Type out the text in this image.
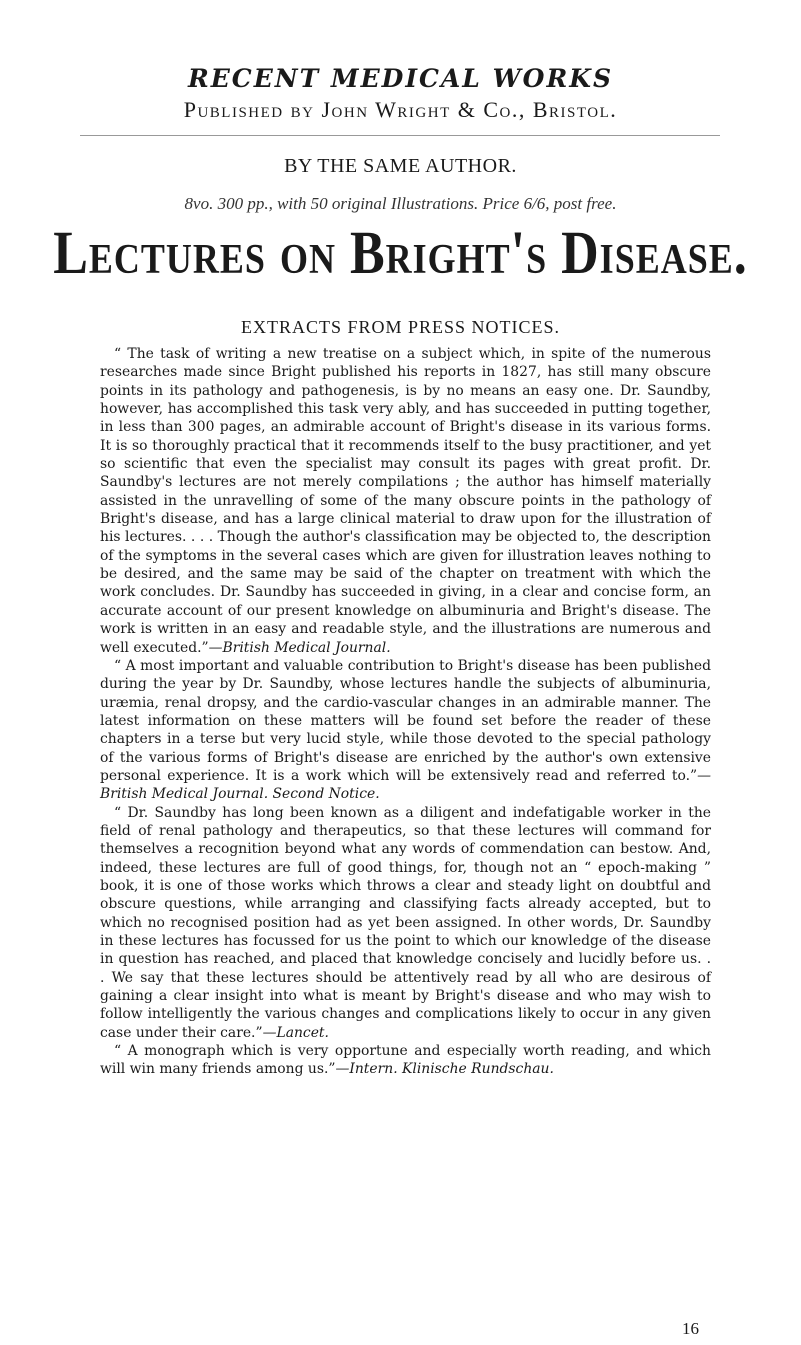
RECENT MEDICAL WORKS
Published by John Wright & Co., Bristol.
BY THE SAME AUTHOR.
8vo. 300 pp., with 50 original Illustrations. Price 6/6, post free.
Lectures on Bright's Disease.
EXTRACTS FROM PRESS NOTICES.

“ The task of writing a new treatise on a subject which, in spite of the numerous researches made since Bright published his reports in 1827, has still many obscure points in its pathology and pathogenesis, is by no means an easy one. Dr. Saundby, however, has accomplished this task very ably, and has succeeded in putting together, in less than 300 pages, an admirable account of Bright's disease in its various forms. It is so thoroughly practical that it recommends itself to the busy practitioner, and yet so scientific that even the specialist may consult its pages with great profit. Dr. Saundby's lectures are not merely compilations ; the author has himself materially assisted in the unravelling of some of the many obscure points in the pathology of Bright's disease, and has a large clinical material to draw upon for the illustration of his lectures. . . . Though the author's classification may be objected to, the description of the symptoms in the several cases which are given for illustration leaves nothing to be desired, and the same may be said of the chapter on treatment with which the work concludes. Dr. Saundby has succeeded in giving, in a clear and concise form, an accurate account of our present knowledge on albuminuria and Bright's disease. The work is written in an easy and readable style, and the illustrations are numerous and well executed.”—British Medical Journal.

“ A most important and valuable contribution to Bright's disease has been published during the year by Dr. Saundby, whose lectures handle the subjects of albuminuria, uræmia, renal dropsy, and the cardio-vascular changes in an admirable manner. The latest information on these matters will be found set before the reader of these chapters in a terse but very lucid style, while those devoted to the special pathology of the various forms of Bright's disease are enriched by the author's own extensive personal experience. It is a work which will be extensively read and referred to.”—British Medical Journal. Second Notice.

“ Dr. Saundby has long been known as a diligent and indefatigable worker in the field of renal pathology and therapeutics, so that these lectures will command for themselves a recognition beyond what any words of commendation can bestow. And, indeed, these lectures are full of good things, for, though not an “ epoch-making ” book, it is one of those works which throws a clear and steady light on doubtful and obscure questions, while arranging and classifying facts already accepted, but to which no recognised position had as yet been assigned. In other words, Dr. Saundby in these lectures has focussed for us the point to which our knowledge of the disease in question has reached, and placed that knowledge concisely and lucidly before us. . . We say that these lectures should be attentively read by all who are desirous of gaining a clear insight into what is meant by Bright's disease and who may wish to follow intelligently the various changes and complications likely to occur in any given case under their care.”—Lancet.

“ A monograph which is very opportune and especially worth reading, and which will win many friends among us.”—Intern. Klinische Rundschau.

16
